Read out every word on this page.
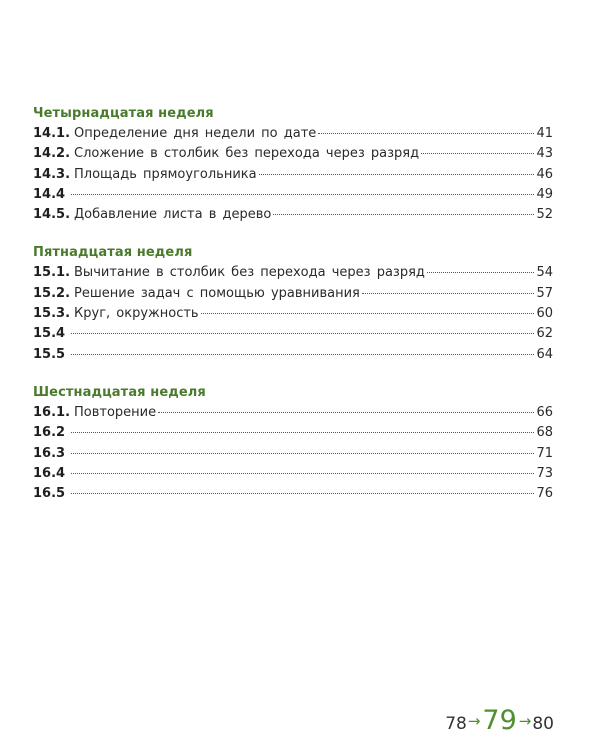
Четырнадцатая неделя
14.1. Определение дня недели по дате	41
14.2. Сложение в столбик без перехода через разряд	43
14.3. Площадь прямоугольника	46
14.4	49
14.5. Добавление листа в дерево	52
Пятнадцатая неделя
15.1. Вычитание в столбик без перехода через разряд	54
15.2. Решение задач с помощью уравнивания	57
15.3. Круг, окружность	60
15.4	62
15.5	64
Шестнадцатая неделя
16.1. Повторение	66
16.2	68
16.3	71
16.4	73
16.5	76
78 → 79 → 80
